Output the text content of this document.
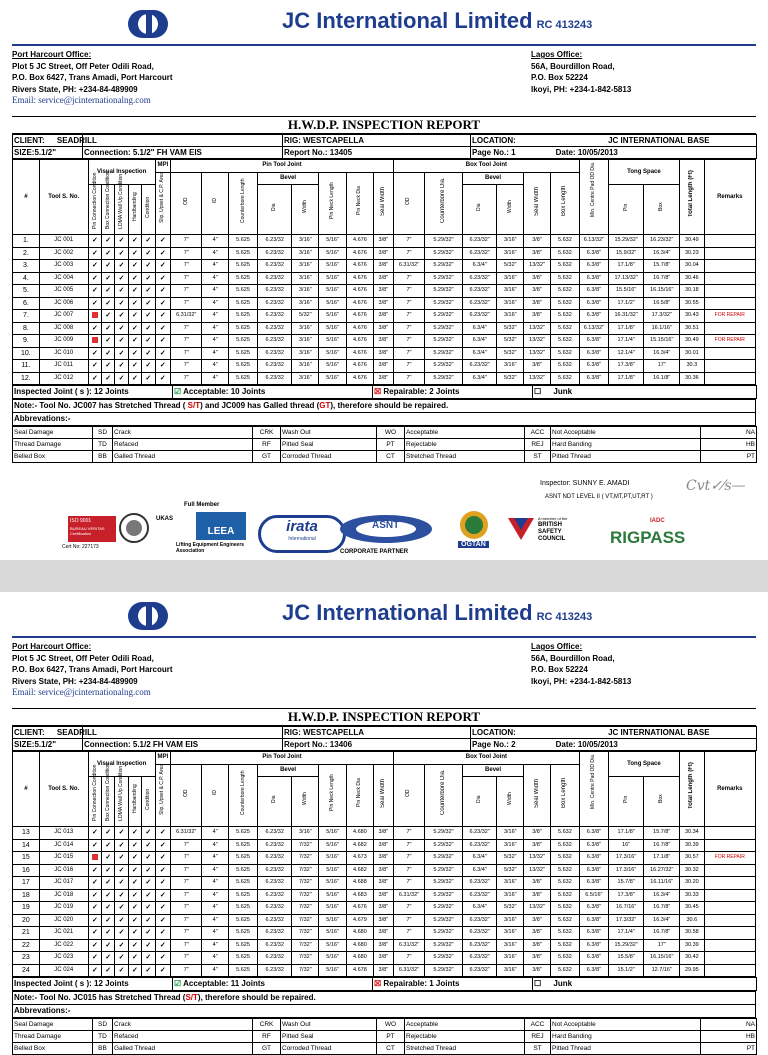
JC International Limited RC 413243
Port Harcourt Office:
Plot 5 JC Street, Off Peter Odili Road,
P.O. Box 6427, Trans Amadi, Port Harcourt
Rivers State, PH: +234-84-489909
Email: service@jcinternationalng.com
Lagos Office:
56A, Bourdillon Road,
P.O. Box 52224
Ikoyi, PH: +234-1-842-5813
H.W.D.P. INSPECTION REPORT
CLIENT: SEADRILL		RIG: WESTCAPELLA	LOCATION: JC INTERNATIONAL BASE
SIZE:5.1/2"	Connection: 5.1/2" FH VAM EIS	Report No.: 13405	Page No.: 1 Date: 10/05/2013
#	Tool S. No.	Visual Inspection					MPI	Pin Tool Joint								Box Tool Joint						Min. Centre Pad OD Dia.	Tong Space		Total Length (Ft)	Remarks
							Slip, Upset & C.P. Area	OD	ID	Counterbore Length	Bevel		Pin Neck Length	Pin Neck Dia	Seal Width	OD	Counterbore Dia.	Bevel		Seal Width	Box Length					
		Pin Connection Condition	Box Connection Condition	LOMA Wall Up Condition	Hardbanding	Condition					Dia	Width						Dia	Width				Pin	Box		
1.	JC 001	✓	✓	✓	✓	✓	✓	7"	4"	5.625	6.23/32	3/16"	5/16"	4.676	3/8"	7"	5.29/32"	6.23/32"	3/16"	3/8"	5.632	6.13/32"	15.29/32"	16.23/32"	30.49	
2.	JC 002	✓	✓	✓	✓	✓	✓	7"	4"	5.625	6.23/32	3/16"	5/16"	4.676	3/8"	7"	5.29/32"	6.23/32"	3/16"	3/8"	5.632	6.3/8"	15.9/32"	16.3/4"	30.23	
3.	JC 003	✓	✓	✓	✓	✓	✓	7"	4"	5.625	6.23/32	3/16"	5/16"	4.676	3/8"	6.31/32"	5.29/32"	6.3/4"	5/32"	13/32"	5.632	6.3/8"	17.1/8"	15.7/8"	30.04	
4.	JC 004	✓	✓	✓	✓	✓	✓	7"	4"	5.625	6.23/32	3/16"	5/16"	4.676	3/8"	7"	5.29/32"	6.23/32"	3/16"	3/8"	5.632	6.3/8"	17.13/32"	16.7/8"	30.46	
5.	JC 005	✓	✓	✓	✓	✓	✓	7"	4"	5.625	6.23/32	3/16"	5/16"	4.676	3/8"	7"	5.29/32"	6.23/32"	3/16"	3/8"	5.632	6.3/8"	15.5/16"	16.15/16"	30.18	
6.	JC 006	✓	✓	✓	✓	✓	✓	7"	4"	5.625	6.23/32	3/16"	5/16"	4.676	3/8"	7"	5.29/32"	6.23/32"	3/16"	3/8"	5.632	6.3/8"	17.1/2"	16.5/8"	30.55	
7.	JC 007		✓	✓	✓	✓	✓	6.31/32"	4"	5.625	6.23/32	5/32"	5/16"	4.676	3/8"	7"	5.29/32"	6.23/32"	3/16"	3/8"	5.632	6.3/8"	16.31/32"	17.3/32"	30.43	FOR REPAIR
8.	JC 008	✓	✓	✓	✓	✓	✓	7"	4"	5.625	6.23/32	3/16"	5/16"	4.676	3/8"	7"	5.29/32"	6.3/4"	5/32"	13/32"	5.632	6.13/32"	17.1/8"	16.1/16"	30.51	
9.	JC 009		✓	✓	✓	✓	✓	7"	4"	5.625	6.23/32	3/16"	5/16"	4.676	3/8"	7"	5.29/32"	6.3/4"	5/32"	13/32"	5.632	6.3/8"	17.1/4"	15.15/16"	30.49	FOR REPAIR
10.	JC 010	✓	✓	✓	✓	✓	✓	7"	4"	5.625	6.23/32	3/16"	5/16"	4.676	3/8"	7"	5.29/32"	6.3/4"	5/32"	13/32"	5.632	6.3/8"	12.1/4"	16.3/4"	30.01	
11.	JC 011	✓	✓	✓	✓	✓	✓	7"	4"	5.625	6.23/32	3/16"	5/16"	4.676	3/8"	7"	5.29/32"	6.23/32"	3/16"	3/8"	5.632	6.3/8"	17.3/8"	17"	30.3	
12.	JC 012	✓	✓	✓	✓	✓	✓	7"	4"	5.625	6.23/32	3/16"	5/16"	4.676	3/8"	7"	5.29/32"	6.3/4"	5/32"	13/32"	5.632	6.3/8"	17.1/8"	16.1/8"	30.36	
Inspected Joint ( s ): 12 Joints	☑ Acceptable: 10 Joints	☒ Repairable: 2 Joints	☐ Junk
Note:- Tool No. JC007 has Stretched Thread ( S/T) and JC009 has Galled thread (GT), therefore should be repaired.
Abbrevations:-
Seal Damage	SD	Crack	CRK	Wash Out	WO	Acceptable	ACC	Not Acceptable	NA
Thread Damage	TD	Refaced	RF	Pitted Seal	PT	Rejectable	REJ	Hard Banding	HB
Belled Box	BB	Galled Thread	GT	Corroded Thread	CT	Stretched Thread	ST	Pitted Thread	PT
Inspector: SUNNY E. AMADI
ASNT NDT LEVEL II ( VT,MT,PT,UT,RT )
Cvt✓⁄s—
ISO 9001
BUREAU VERITAS Certification
Cert No: 227173
UKAS
Full Member
LEEA
Lifting Equipment Engineers Association
irata
International
ASNT
CORPORATE PARTNER
OGTAN
A member of the
BRITISH SAFETY COUNCIL	RIGPASS
IADC
JC International Limited RC 413243
Port Harcourt Office:
Plot 5 JC Street, Off Peter Odili Road,
P.O. Box 6427, Trans Amadi, Port Harcourt
Rivers State, PH: +234-84-489909
Email: service@jcinternationalng.com
Lagos Office:
56A, Bourdillon Road,
P.O. Box 52224
Ikoyi, PH: +234-1-842-5813
H.W.D.P. INSPECTION REPORT
CLIENT: SEADRILL		RIG: WESTCAPELLA	LOCATION: JC INTERNATIONAL BASE
SIZE:5.1/2"	Connection: 5.1/2 FH VAM EIS	Report No.: 13406	Page No.: 2 Date: 10/05/2013
#	Tool S. No.	Visual Inspection					MPI	Pin Tool Joint								Box Tool Joint						Min. Centre Pad OD Dia.	Tong Space		Total Length (Ft)	Remarks
							Slip, Upset & C.P. Area	OD	ID	Counterbore Length	Bevel		Pin Neck Length	Pin Neck Dia	Seal Width	OD	Counterbore Dia.	Bevel		Seal Width	Box Length					
		Pin Connection Condition	Box Connection Condition	LOMA Wall Up Condition	Hardbanding	Condition					Dia	Width						Dia	Width				Pin	Box		
13	JC 013	✓	✓	✓	✓	✓	✓	6.31/32"	4"	5.625	6.23/32	3/16"	5/16"	4.680	3/8"	7"	5.29/32"	6.23/32"	3/16"	3/8"	5.632	6.3/8"	17.1/8"	15.7/8"	30.34	
14	JC 014	✓	✓	✓	✓	✓	✓	7"	4"	5.625	6.23/32	7/32"	5/16"	4.682	3/8"	7"	5.29/32"	6.23/32"	3/16"	3/8"	5.632	6.3/8"	16"	16.7/8"	30.39	
15	JC 015		✓	✓	✓	✓	✓	7"	4"	5.625	6.23/32	7/32"	5/16"	4.673	3/8"	7"	5.29/32"	6.3/4"	5/32"	13/32"	5.632	6.3/8"	17.3/16"	17.1/8"	30.57	FOR REPAIR
16	JC 016	✓	✓	✓	✓	✓	✓	7"	4"	5.625	6.23/32	7/32"	5/16"	4.682	3/8"	7"	5.29/32"	6.3/4"	5/32"	13/32"	5.632	6.3/8"	17.3/16"	16.27/32"	30.32	
17	JC 017	✓	✓	✓	✓	✓	✓	7"	4"	5.625	6.23/32	7/32"	5/16"	4.688	3/8"	7"	5.29/32"	6.23/32"	3/16"	3/8"	5.632	6.3/8"	15.7/8"	16.11/16"	30.20	
18	JC 018	✓	✓	✓	✓	✓	✓	7"	4"	5.625	6.23/32	7/32"	5/16"	4.683	3/8"	6.31/32"	5.29/32"	6.23/32"	3/16"	3/8"	5.632	6.5/16"	17.3/8"	16.3/4"	30.33	
19	JC 019	✓	✓	✓	✓	✓	✓	7"	4"	5.625	6.23/32	7/32"	5/16"	4.676	3/8"	7"	5.29/32"	6.3/4"	5/32"	13/32"	5.632	6.3/8"	16.7/16"	16.7/8"	30.45	
20	JC 020	✓	✓	✓	✓	✓	✓	7"	4"	5.625	6.23/32	7/32"	5/16"	4.679	3/8"	7"	5.29/32"	6.23/32"	3/16"	3/8"	5.632	6.3/8"	17.3/32"	16.3/4"	30.6	
21	JC 021	✓	✓	✓	✓	✓	✓	7"	4"	5.625	6.23/32	7/32"	5/16"	4.680	3/8"	7"	5.29/32"	6.23/32"	3/16"	3/8"	5.632	6.3/8"	17.1/4"	16.7/8"	30.58	
22	JC 022	✓	✓	✓	✓	✓	✓	7"	4"	5.625	6.23/32	7/32"	5/16"	4.680	3/8"	6.31/32"	5.29/32"	6.23/32"	3/16"	3/8"	5.632	6.3/8"	15.29/32"	17"	30.39	
23	JC 023	✓	✓	✓	✓	✓	✓	7"	4"	5.625	6.23/32	7/32"	5/16"	4.680	3/8"	7"	5.29/32"	6.23/32"	3/16"	3/8"	5.632	6.3/8"	15.5/8"	16.15/16"	30.42	
24	JC 024	✓	✓	✓	✓	✓	✓	7"	4"	5.625	6.23/32	7/32"	5/16"	4.678	3/8"	6.31/32"	5.29/32"	6.23/32"	3/16"	3/8"	5.632	6.3/8"	15.1/2"	12.7/16"	29.95	
Inspected Joint ( s ): 12 Joints	☑ Acceptable: 11 Joints	☒ Repairable: 1 Joints	☐ Junk
Note:- Tool No. JC015 has Stretched Thread (S/T), therefore should be repaired.
Abbrevations:-
Seal Damage	SD	Crack	CRK	Wash Out	WO	Acceptable	ACC	Not Acceptable	NA
Thread Damage	TD	Refaced	RF	Pitted Seal	PT	Rejectable	REJ	Hard Banding	HB
Belled Box	BB	Galled Thread	GT	Corroded Thread	CT	Stretched Thread	ST	Pitted Thread	PT
